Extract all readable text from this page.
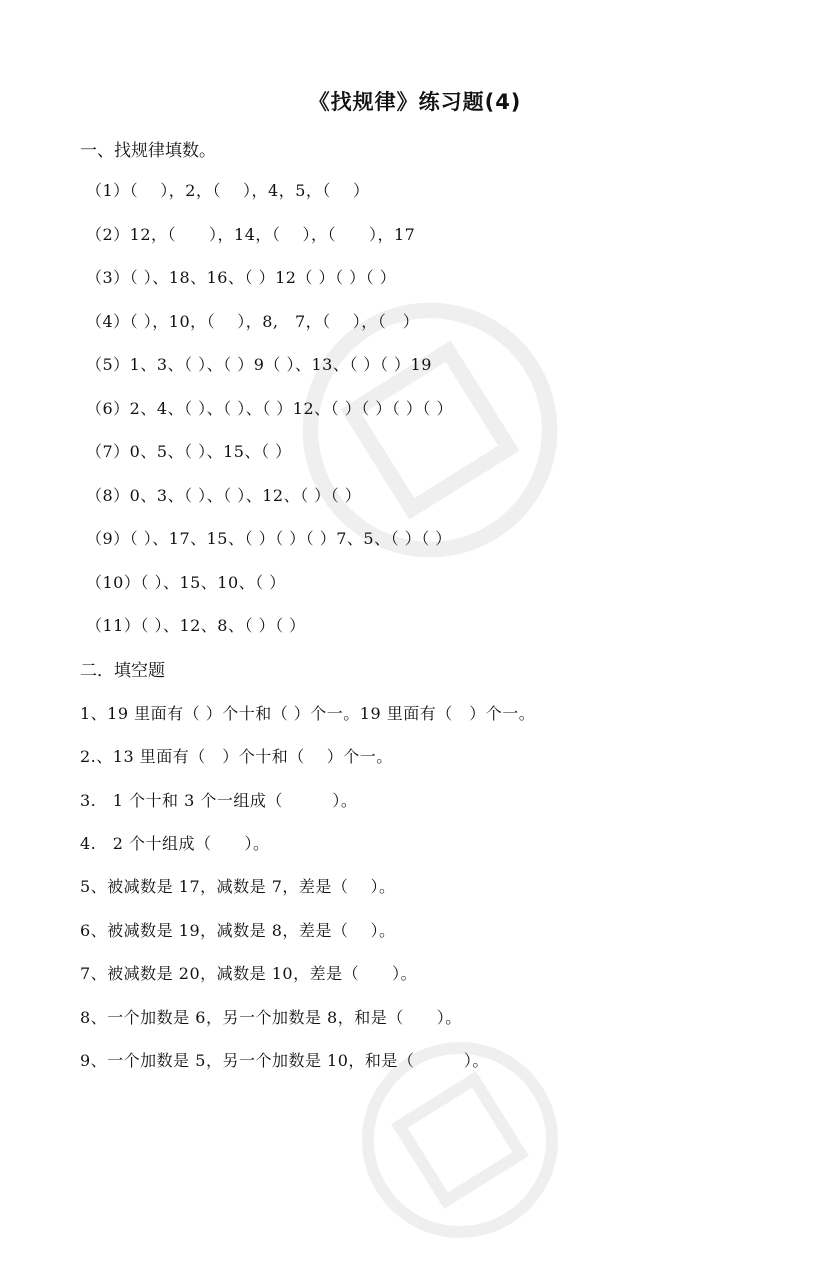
《找规律》练习题(4)
一、找规律填数。
（1）（　 ），2，（　 ），4，5，（　 ）
（2）12，（　　），14，（　 ），（　　），17
（3）（ ）、18、16、（ ）12（ ）（ ）（ ）
（4）（ ），10，（　 ），8,　7，（　 ），（　）
（5）1、3、（ ）、（ ）9（ ）、13、（ ）（ ）19
（6）2、4、（ ）、（ ）、（ ）12、（ ）（ ）（ ）（ ）
（7）0、5、（ ）、15、（ ）
（8）0、3、（ ）、（ ）、12、（ ）（ ）
（9）（ ）、17、15、（ ）（ ）（ ）7、5、（ ）（ ）
（10）（ ）、15、10、（ ）
（11）（ ）、12、8、（ ）（ ）
二．填空题
1、19 里面有（ ）个十和（ ）个一。19 里面有（　）个一。
2.、13 里面有（　）个十和（　 ）个一。
3.　1 个十和 3 个一组成（　　　）。
4.　2 个十组成（　　）。
5、被减数是 17，减数是 7，差是（　 ）。
6、被减数是 19，减数是 8，差是（　 ）。
7、被减数是 20，减数是 10，差是（　　）。
8、一个加数是 6，另一个加数是 8，和是（　　）。
9、一个加数是 5，另一个加数是 10，和是（　　　）。
